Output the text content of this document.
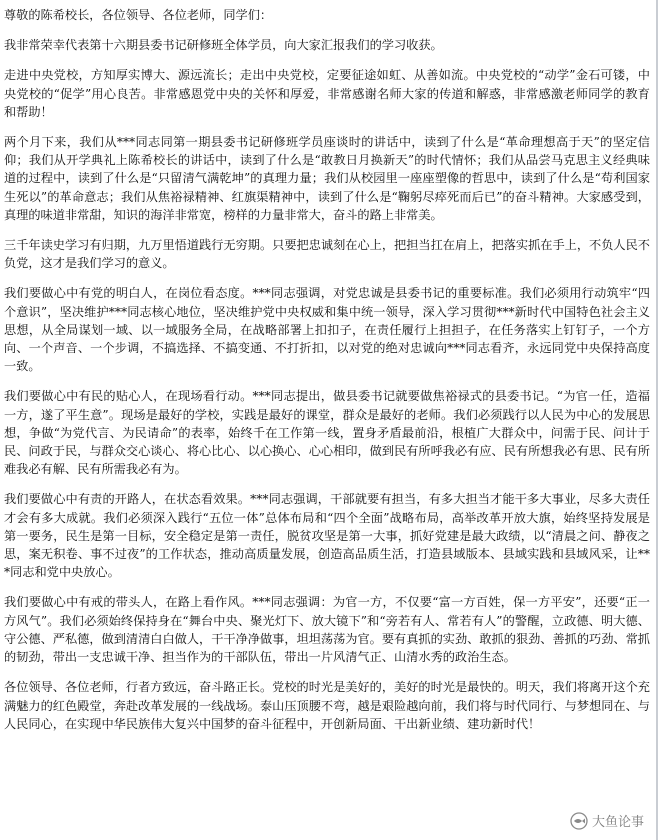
尊敬的陈希校长，各位领导、各位老师，同学们：

我非常荣幸代表第十六期县委书记研修班全体学员，向大家汇报我们的学习收获。

走进中央党校，方知厚实博大、源远流长；走出中央党校，定要征途如虹、从善如流。中央党校的“动学”金石可镂，中央党校的“促学”用心良苦。非常感恩党中央的关怀和厚爱，非常感谢名师大家的传道和解惑，非常感激老师同学的教育和帮助！

两个月下来，我们从***同志同第一期县委书记研修班学员座谈时的讲话中，读到了什么是“革命理想高于天”的坚定信仰；我们从开学典礼上陈希校长的讲话中，读到了什么是“敢教日月换新天”的时代情怀；我们从品尝马克思主义经典味道的过程中，读到了什么是“只留清气满乾坤”的真理力量；我们从校园里一座座塑像的哲思中，读到了什么是“苟利国家生死以”的革命意志；我们从焦裕禄精神、红旗渠精神中，读到了什么是“鞠躬尽瘁死而后已”的奋斗精神。大家感受到，真理的味道非常甜，知识的海洋非常宽，榜样的力量非常大，奋斗的路上非常美。

三千年读史学习有归期，九万里悟道践行无穷期。只要把忠诚刻在心上，把担当扛在肩上，把落实抓在手上，不负人民不负党，这才是我们学习的意义。

我们要做心中有党的明白人，在岗位看态度。***同志强调，对党忠诚是县委书记的重要标准。我们必须用行动筑牢“四个意识”，坚决维护***同志核心地位，坚决维护党中央权威和集中统一领导，深入学习贯彻***新时代中国特色社会主义思想，从全局谋划一域、以一域服务全局，在战略部署上扣扣子，在责任履行上担担子，在任务落实上钉钉子，一个方向、一个声音、一个步调，不搞选择、不搞变通、不打折扣，以对党的绝对忠诚向***同志看齐，永远同党中央保持高度一致。

我们要做心中有民的贴心人，在现场看行动。***同志提出，做县委书记就要做焦裕禄式的县委书记。“为官一任，造福一方，遂了平生意”。现场是最好的学校，实践是最好的课堂，群众是最好的老师。我们必须践行以人民为中心的发展思想，争做“为党代言、为民请命”的表率，始终千在工作第一线，置身矛盾最前沿，根植广大群众中，问需于民、问计于民、问政于民，与群众交心谈心、将心比心、以心换心、心心相印，做到民有所呼我必有应、民有所想我必有思、民有所难我必有解、民有所需我必有为。

我们要做心中有责的开路人，在状态看效果。***同志强调，干部就要有担当，有多大担当才能干多大事业，尽多大责任才会有多大成就。我们必须深入践行“五位一体”总体布局和“四个全面”战略布局，高举改革开放大旗，始终坚持发展是第一要务，民生是第一目标，安全稳定是第一责任，脱贫攻坚是第一大事，抓好党建是最大政绩，以“清晨之问、静夜之思，案无积卷、事不过夜”的工作状态，推动高质量发展，创造高品质生活，打造县域版本、县域实践和县域风采，让***同志和党中央放心。

我们要做心中有戒的带头人，在路上看作风。***同志强调：为官一方，不仅要“富一方百姓，保一方平安”，还要“正一方风气”。我们必须始终保持身在“舞台中央、聚光灯下、放大镜下”和“旁若有人、常若有人”的警醒，立政德、明大德、守公德、严私德，做到清清白白做人，干干净净做事，坦坦荡荡为官。要有真抓的实劲、敢抓的狠劲、善抓的巧劲、常抓的韧劲，带出一支忠诚干净、担当作为的干部队伍，带出一片风清气正、山清水秀的政治生态。

各位领导、各位老师，行者方致远，奋斗路正长。党校的时光是美好的，美好的时光是最快的。明天，我们将离开这个充满魅力的红色殿堂，奔赴改革发展的一线战场。泰山压顶腰不弯，越是艰险越向前，我们将与时代同行、与梦想同在、与人民同心，在实现中华民族伟大复兴中国梦的奋斗征程中，开创新局面、干出新业绩、建功新时代！

大鱼论事
